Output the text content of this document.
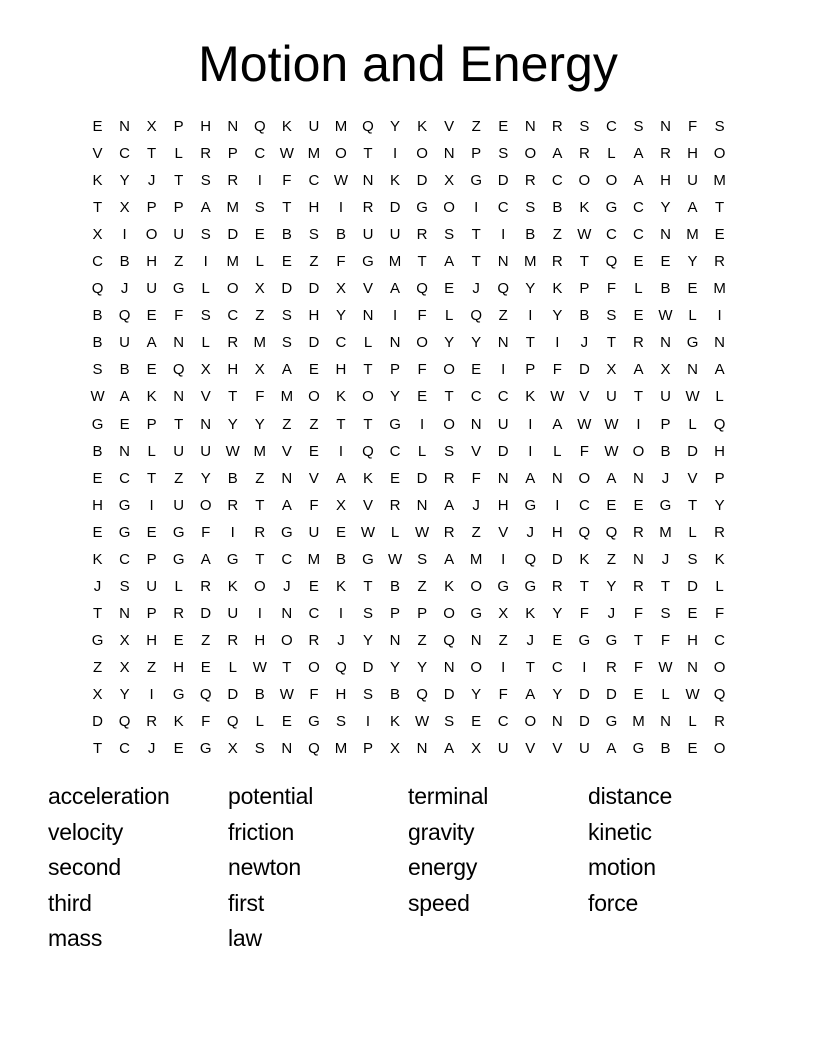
Motion and Energy
E	N	X	P	H	N	Q	K	U	M Q	Y	K	V	Z	E	N	R	S	C	S	N	F	S
V	C	T	L	R	P	C W M O	T	I	O	N	P	S	O	A	R	L	A	R	H	O
K	Y	J	T	S	R	I	F	C W N	K	D	X	G	D	R	C	O	O	A	H	U	M
T	X	P	P	A	M	S	T	H	I	R	D	G	O	I	C	S	B	K	G	C	Y	A	T
X	I	O	U	S	D	E	B	S	B	U	U	R	S	T	I	B	Z	W C	C	N	M	E
C	B	H	Z	I	M	L	E	Z	F	G M	T	A	T	N	M	R	T	Q	E	E	Y	R
Q	J	U	G	L	O	X	D	D	X	V	A	Q	E	J	Q	Y	K	P	F	L	B	E	M
B	Q	E	F	S	C	Z	S	H	Y	N	I	F	L	Q	Z	I	Y	B	S	E W	L	I
B	U	A	N	L	R	M	S	D	C	L	N	O	Y	Y	N	T	I	J	T	R	N	G	N
S	B	E	Q	X	H	X	A	E	H	T	P	F	O	E	I	P	F	D	X	A	X	N	A
W A	K	N	V	T	F	M O	K	O	Y	E	T	C	C	K W V	U	T	U W	L
G	E	P	T	N	Y	Y	Z	Z	T	T	G	I	O	N	U	I	A W W	I	P	L	Q
B	N	L	U	U W M	V	E	I	Q	C	L	S	V	D	I	L	F	W O	B	D	H
E	C	T	Z	Y	B	Z	N	V	A	K	E	D	R	F	N	A	N	O	A	N	J	V	P
H	G	I	U	O	R	T	A	F	X	V	R	N	A	J	H	G	I	C	E	E	G	T	Y
E	G	E	G	F	I	R	G	U	E W	L	W R	Z	V	J	H	Q	Q	R	M	L	R
K	C	P	G	A	G	T	C	M	B	G W S	A	M	I	Q	D	K	Z	N	J	S	K
J	S	U	L	R	K	O	J	E	K	T	B	Z	K	O	G	G	R	T	Y	R	T	D	L
T	N	P	R	D	U	I	N	C	I	S	P	P	O	G	X	K	Y	F	J	F	S	E	F
G	X	H	E	Z	R	H	O	R	J	Y	N	Z	Q	N	Z	J	E	G	G	T	F	H	C
Z	X	Z	H	E	L	W	T	O	Q	D	Y	Y	N	O	I	T	C	I	R	F	W N	O
X	Y	I	G	Q	D	B W	F	H	S	B	Q	D	Y	F	A	Y	D	D	E	L	W Q
D	Q	R	K	F	Q	L	E	G	S	I	K W S	E	C	O	N	D	G M	N	L	R
T	C	J	E	G	X	S	N	Q M	P	X	N	A	X	U	V	V	U	A	G	B	E	O
acceleration	potential	terminal	distance
velocity	friction	gravity	kinetic
second	newton	energy	motion
third	first	speed	force
mass	law
